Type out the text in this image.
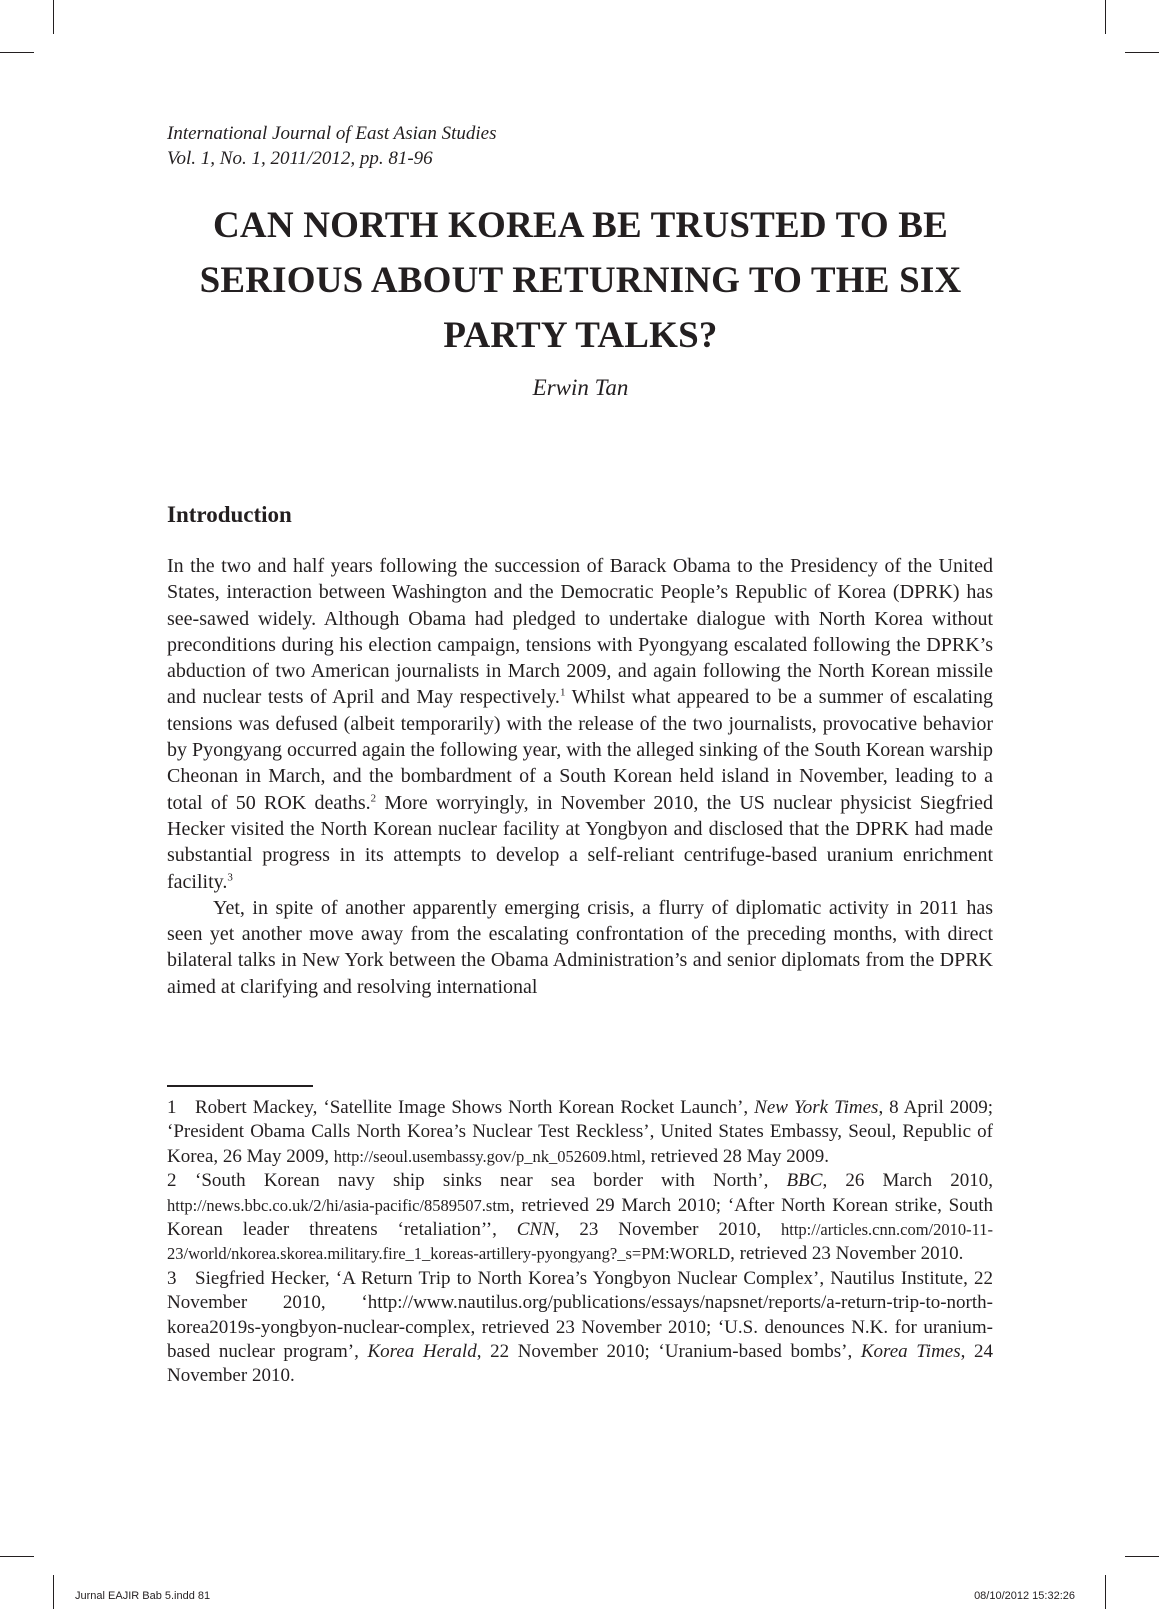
International Journal of East Asian Studies
Vol. 1, No. 1, 2011/2012, pp. 81-96
CAN NORTH KOREA BE TRUSTED TO BE SERIOUS ABOUT RETURNING TO THE SIX PARTY TALKS?
Erwin Tan
Introduction

In the two and half years following the succession of Barack Obama to the Presidency of the United States, interaction between Washington and the Democratic People’s Republic of Korea (DPRK) has see-sawed widely. Although Obama had pledged to undertake dialogue with North Korea without preconditions during his election campaign, tensions with Pyongyang escalated following the DPRK’s abduction of two American journalists in March 2009, and again following the North Korean missile and nuclear tests of April and May respectively.$^1$ Whilst what appeared to be a summer of escalating tensions was defused (albeit temporarily) with the release of the two journalists, provocative behavior by Pyongyang occurred again the following year, with the alleged sinking of the South Korean warship Cheonan in March, and the bombardment of a South Korean held island in November, leading to a total of 50 ROK deaths.$^2$ More worryingly, in November 2010, the US nuclear physicist Siegfried Hecker visited the North Korean nuclear facility at Yongbyon and disclosed that the DPRK had made substantial progress in its attempts to develop a self-reliant centrifuge-based uranium enrichment facility.$^3$

Yet, in spite of another apparently emerging crisis, a flurry of diplomatic activity in 2011 has seen yet another move away from the escalating confrontation of the preceding months, with direct bilateral talks in New York between the Obama Administration’s and senior diplomats from the DPRK aimed at clarifying and resolving international

1 Robert Mackey, ‘Satellite Image Shows North Korean Rocket Launch’, New York Times, 8 April 2009; ‘President Obama Calls North Korea’s Nuclear Test Reckless’, United States Embassy, Seoul, Republic of Korea, 26 May 2009, http://seoul.usembassy.gov/p_nk_052609.html, retrieved 28 May 2009.

2 ‘South Korean navy ship sinks near sea border with North’, BBC, 26 March 2010, http://news.bbc.co.uk/2/hi/asia-pacific/8589507.stm, retrieved 29 March 2010; ‘After North Korean strike, South Korean leader threatens ‘retaliation’’, CNN, 23 November 2010, http://articles.cnn.com/2010-11-23/world/nkorea.skorea.military.fire_1_koreas-artillery-pyongyang?_s=PM:WORLD, retrieved 23 November 2010.

3 Siegfried Hecker, ‘A Return Trip to North Korea’s Yongbyon Nuclear Complex’, Nautilus Institute, 22 November 2010, ‘http://www.nautilus.org/publications/essays/napsnet/reports/a-return-trip-to-north-korea2019s-yongbyon-nuclear-complex, retrieved 23 November 2010; ‘U.S. denounces N.K. for uranium-based nuclear program’, Korea Herald, 22 November 2010; ‘Uranium-based bombs’, Korea Times, 24 November 2010.

Jurnal EAJIR Bab 5.indd 81	08/10/2012 15:32:26
